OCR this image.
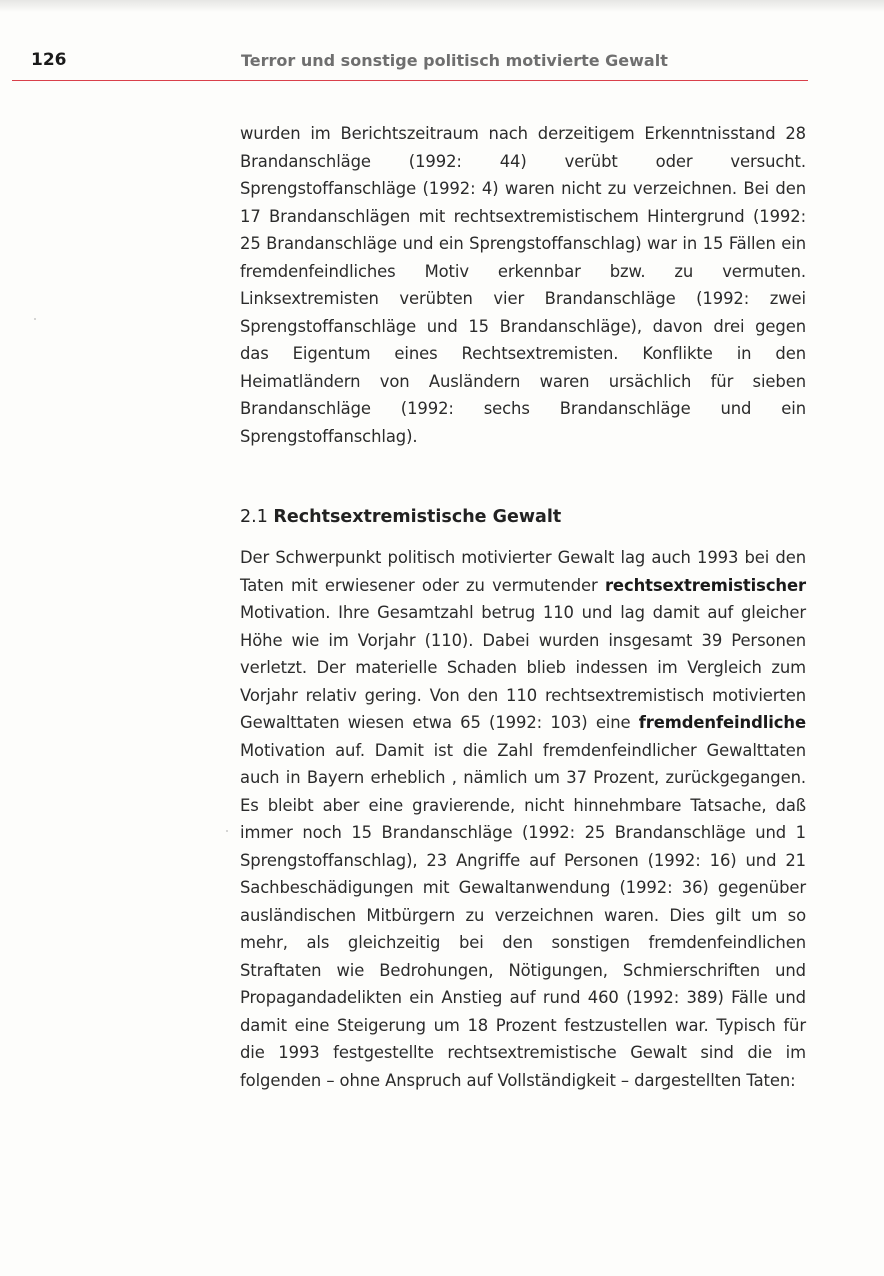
126	Terror und sonstige politisch motivierte Gewalt

wurden im Berichtszeitraum nach derzeitigem Erkenntnisstand 28 Brandanschläge (1992: 44) verübt oder versucht. Sprengstoffanschläge (1992: 4) waren nicht zu verzeichnen. Bei den 17 Brandanschlägen mit rechtsextremistischem Hintergrund (1992: 25 Brandanschläge und ein Sprengstoffanschlag) war in 15 Fällen ein fremdenfeindliches Motiv erkennbar bzw. zu vermuten. Linksextremisten verübten vier Brandanschläge (1992: zwei Sprengstoffanschläge und 15 Brandanschläge), davon drei gegen das Eigentum eines Rechtsextremisten. Konflikte in den Heimatländern von Ausländern waren ursächlich für sieben Brandanschläge (1992: sechs Brandanschläge und ein Sprengstoffanschlag).

2.1 Rechtsextremistische Gewalt

Der Schwerpunkt politisch motivierter Gewalt lag auch 1993 bei den Taten mit erwiesener oder zu vermutender rechtsextremistischer Motivation. Ihre Gesamtzahl betrug 110 und lag damit auf gleicher Höhe wie im Vorjahr (110). Dabei wurden insgesamt 39 Personen verletzt. Der materielle Schaden blieb indessen im Vergleich zum Vorjahr relativ gering. Von den 110 rechtsextremistisch motivierten Gewalttaten wiesen etwa 65 (1992: 103) eine fremdenfeindliche Motivation auf. Damit ist die Zahl fremdenfeindlicher Gewalttaten auch in Bayern erheblich , nämlich um 37 Prozent, zurückgegangen. Es bleibt aber eine gravierende, nicht hinnehmbare Tatsache, daß immer noch 15 Brandanschläge (1992: 25 Brandanschläge und 1 Sprengstoffanschlag), 23 Angriffe auf Personen (1992: 16) und 21 Sachbeschädigungen mit Gewaltanwendung (1992: 36) gegenüber ausländischen Mitbürgern zu verzeichnen waren. Dies gilt um so mehr, als gleichzeitig bei den sonstigen fremdenfeindlichen Straftaten wie Bedrohungen, Nötigungen, Schmierschriften und Propagandadelikten ein Anstieg auf rund 460 (1992: 389) Fälle und damit eine Steigerung um 18 Prozent festzustellen war. Typisch für die 1993 festgestellte rechtsextremistische Gewalt sind die im folgenden – ohne Anspruch auf Vollständigkeit – dargestellten Taten:
